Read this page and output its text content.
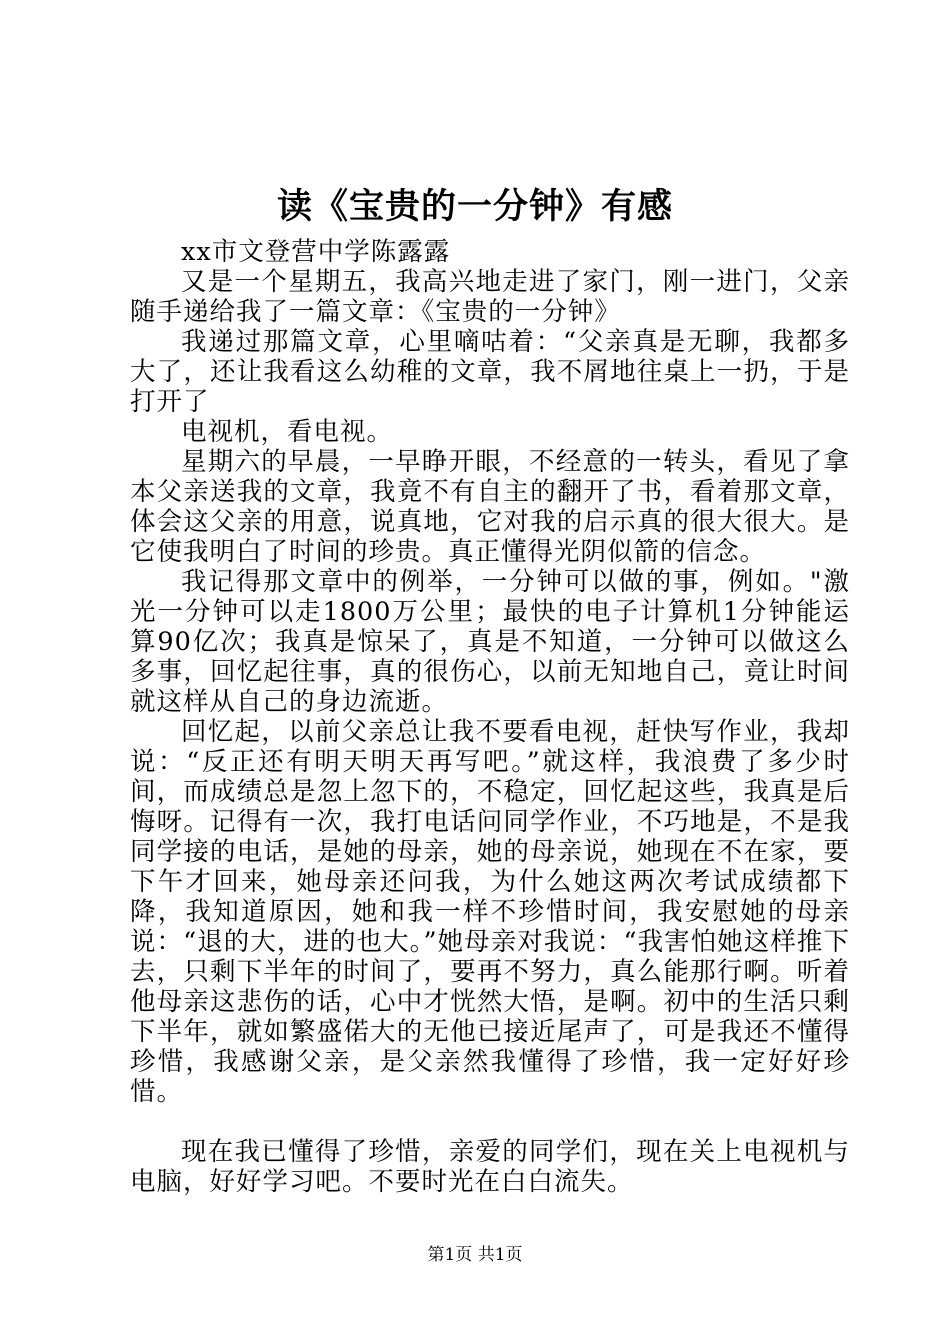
读《宝贵的一分钟》有感

xx市文登营中学陈露露

又是一个星期五，我高兴地走进了家门，刚一进门，父亲随手递给我了一篇文章：《宝贵的一分钟》

我递过那篇文章，心里嘀咕着：“父亲真是无聊，我都多大了，还让我看这么幼稚的文章，我不屑地往桌上一扔，于是打开了

电视机，看电视。

星期六的早晨，一早睁开眼，不经意的一转头，看见了拿本父亲送我的文章，我竟不有自主的翻开了书，看着那文章，体会这父亲的用意，说真地，它对我的启示真的很大很大。是它使我明白了时间的珍贵。真正懂得光阴似箭的信念。

我记得那文章中的例举，一分钟可以做的事，例如。"激光一分钟可以走1800万公里；最快的电子计算机1分钟能运算90亿次；我真是惊呆了，真是不知道，一分钟可以做这么多事，回忆起往事，真的很伤心，以前无知地自己，竟让时间就这样从自己的身边流逝。

回忆起，以前父亲总让我不要看电视，赶快写作业，我却说：“反正还有明天明天再写吧。”就这样，我浪费了多少时间，而成绩总是忽上忽下的，不稳定，回忆起这些，我真是后悔呀。记得有一次，我打电话问同学作业，不巧地是，不是我同学接的电话，是她的母亲，她的母亲说，她现在不在家，要下午才回来，她母亲还问我，为什么她这两次考试成绩都下降，我知道原因，她和我一样不珍惜时间，我安慰她的母亲说：“退的大，进的也大。”她母亲对我说：“我害怕她这样推下去，只剩下半年的时间了，要再不努力，真么能那行啊。听着他母亲这悲伤的话，心中才恍然大悟，是啊。初中的生活只剩下半年，就如繁盛偌大的无他已接近尾声了，可是我还不懂得珍惜，我感谢父亲，是父亲然我懂得了珍惜，我一定好好珍惜。

现在我已懂得了珍惜，亲爱的同学们，现在关上电视机与电脑，好好学习吧。不要时光在白白流失。

第1页 共1页
